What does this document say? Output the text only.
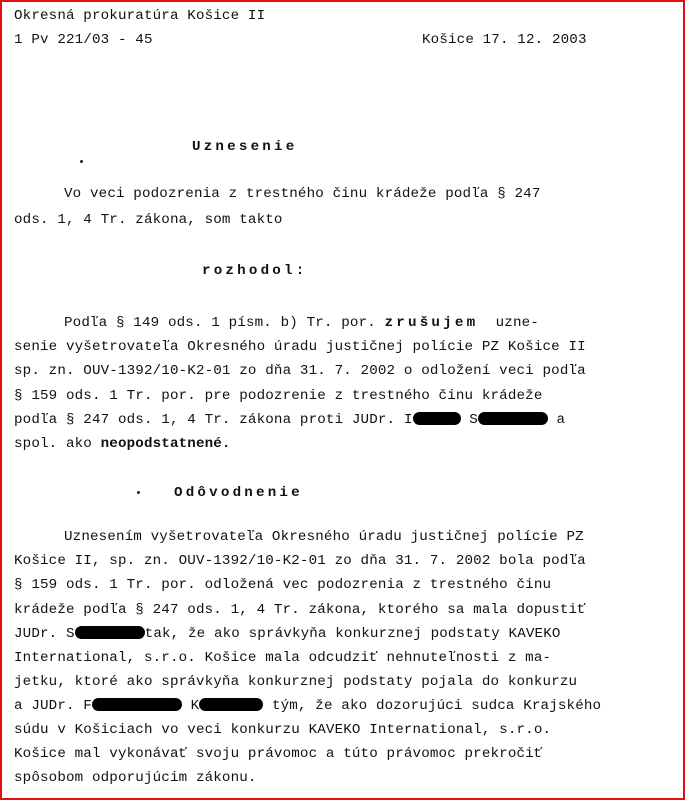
Okresná prokuratúra Košice II
1 Pv 221/03 - 45	Košice 17. 12. 2003
Uznesenie
Vo veci podozrenia z trestného činu krádeže podľa § 247
ods. 1, 4 Tr. zákona, som takto
rozhodol:
Podľa § 149 ods. 1 písm. b) Tr. por. zrušujem  uzne-
senie vyšetrovateľa Okresného úradu justičnej polície PZ Košice II
sp. zn. OUV-1392/10-K2-01 zo dňa 31. 7. 2002 o odložení veci podľa
§ 159 ods. 1 Tr. por. pre podozrenie z trestného činu krádeže
podľa § 247 ods. 1, 4 Tr. zákona proti JUDr. I	S	a
spol. ako neopodstatnené.
Odôvodnenie
Uznesením vyšetrovateľa Okresného úradu justičnej polície PZ
Košice II, sp. zn. OUV-1392/10-K2-01 zo dňa 31. 7. 2002 bola podľa
§ 159 ods. 1 Tr. por. odložená vec podozrenia z trestného činu
krádeže podľa § 247 ods. 1, 4 Tr. zákona, ktorého sa mala dopustiť
JUDr. S	tak, že ako správkyňa konkurznej podstaty KAVEKO
International, s.r.o. Košice mala odcudziť nehnuteľnosti z ma-
jetku, ktoré ako správkyňa konkurznej podstaty pojala do konkurzu
a JUDr. F	K	tým, že ako dozorujúci sudca Krajského
súdu v Košiciach vo veci konkurzu KAVEKO International, s.r.o.
Košice mal vykonávať svoju právomoc a túto právomoc prekročiť
spôsobom odporujúcim zákonu.
